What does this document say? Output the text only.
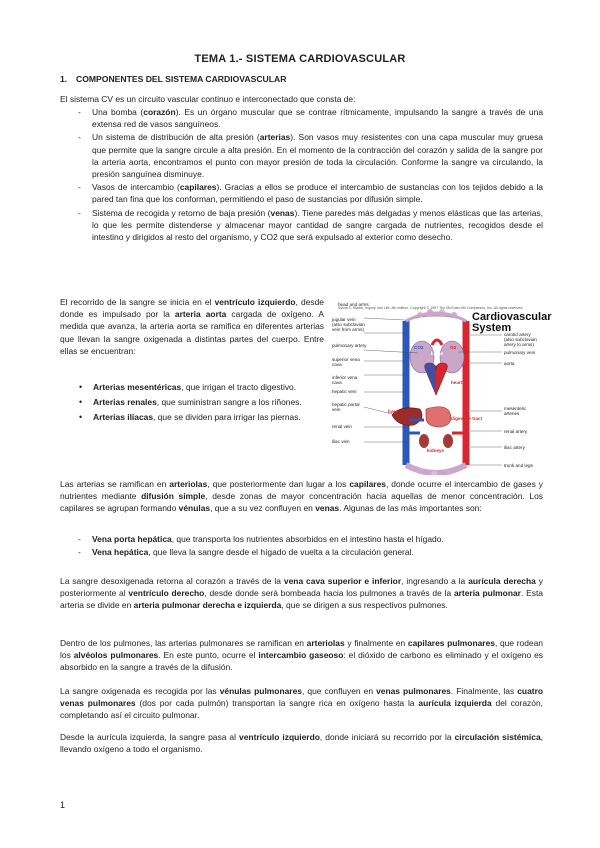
TEMA 1.- SISTEMA CARDIOVASCULAR
1. COMPONENTES DEL SISTEMA CARDIOVASCULAR

El sistema CV es un circuito vascular continuo e interconectado que consta de:

- Una bomba (corazón). Es un órgano muscular que se contrae rítmicamente, impulsando la sangre a través de una extensa red de vasos sanguíneos.
- Un sistema de distribución de alta presión (arterias). Son vasos muy resistentes con una capa muscular muy gruesa que permite que la sangre circule a alta presión. En el momento de la contracción del corazón y salida de la sangre por la arteria aorta, encontramos el punto con mayor presión de toda la circulación. Conforme la sangre va circulando, la presión sanguínea disminuye.
- Vasos de intercambio (capilares). Gracias a ellos se produce el intercambio de sustancias con los tejidos debido a la pared tan fina que los conforman, permitiendo el paso de sustancias por difusión simple.
- Sistema de recogida y retorno de baja presión (venas). Tiene paredes más delgadas y menos elásticas que las arterias, lo que les permite distenderse y almacenar mayor cantidad de sangre cargada de nutrientes, recogidos desde el intestino y dirigidos al resto del organismo, y CO2 que será expulsado al exterior como desecho.

El recorrido de la sangre se inicia en el ventrículo izquierdo, desde donde es impulsado por la arteria aorta cargada de oxígeno. A medida que avanza, la arteria aorta se ramifica en diferentes arterias que llevan la sangre oxigenada a distintas partes del cuerpo. Entre ellas se encuentran:

• Arterias mesentéricas, que irrigan el tracto digestivo.
• Arterias renales, que suministran sangre a los riñones.
• Arterias ilíacas, que se dividen para irrigar las piernas.
Cardiovascular
System
head and arms
jugular vein
(also subclavian
vein from arms)
pulmonary artery
superior vena
cava
inferior vena
cava
hepatic vein
hepatic portal
vein
renal vein
iliac vein
carotid artery
(also subclavian
artery to arms)
pulmonary vein
aorta
mesenteric
arteries
renal artery
iliac artery
trunk and legs
lungs
heart
liver
digestive tract
kidneys
CO2	O2
Sylvia S. Mader, Inquiry Into Life, 8th edition. Copyright © 1997 The McGraw-Hill Companies, Inc. All rights reserved.

Las arterias se ramifican en arteriolas, que posteriormente dan lugar a los capilares, donde ocurre el intercambio de gases y nutrientes mediante difusión simple, desde zonas de mayor concentración hacia aquellas de menor concentración. Los capilares se agrupan formando vénulas, que a su vez confluyen en venas. Algunas de las más importantes son:

- Vena porta hepática, que transporta los nutrientes absorbidos en el intestino hasta el hígado.
- Vena hepática, que lleva la sangre desde el hígado de vuelta a la circulación general.

La sangre desoxigenada retorna al corazón a través de la vena cava superior e inferior, ingresando a la aurícula derecha y posteriormente al ventrículo derecho, desde donde será bombeada hacia los pulmones a través de la arteria pulmonar. Esta arteria se divide en arteria pulmonar derecha e izquierda, que se dirigen a sus respectivos pulmones.

Dentro de los pulmones, las arterias pulmonares se ramifican en arteriolas y finalmente en capilares pulmonares, que rodean los alvéolos pulmonares. En este punto, ocurre el intercambio gaseoso: el dióxido de carbono es eliminado y el oxígeno es absorbido en la sangre a través de la difusión.

La sangre oxigenada es recogida por las vénulas pulmonares, que confluyen en venas pulmonares. Finalmente, las cuatro venas pulmonares (dos por cada pulmón) transportan la sangre rica en oxígeno hasta la aurícula izquierda del corazón, completando así el circuito pulmonar.

Desde la aurícula izquierda, la sangre pasa al ventrículo izquierdo, donde iniciará su recorrido por la circulación sistémica, llevando oxígeno a todo el organismo.

1
